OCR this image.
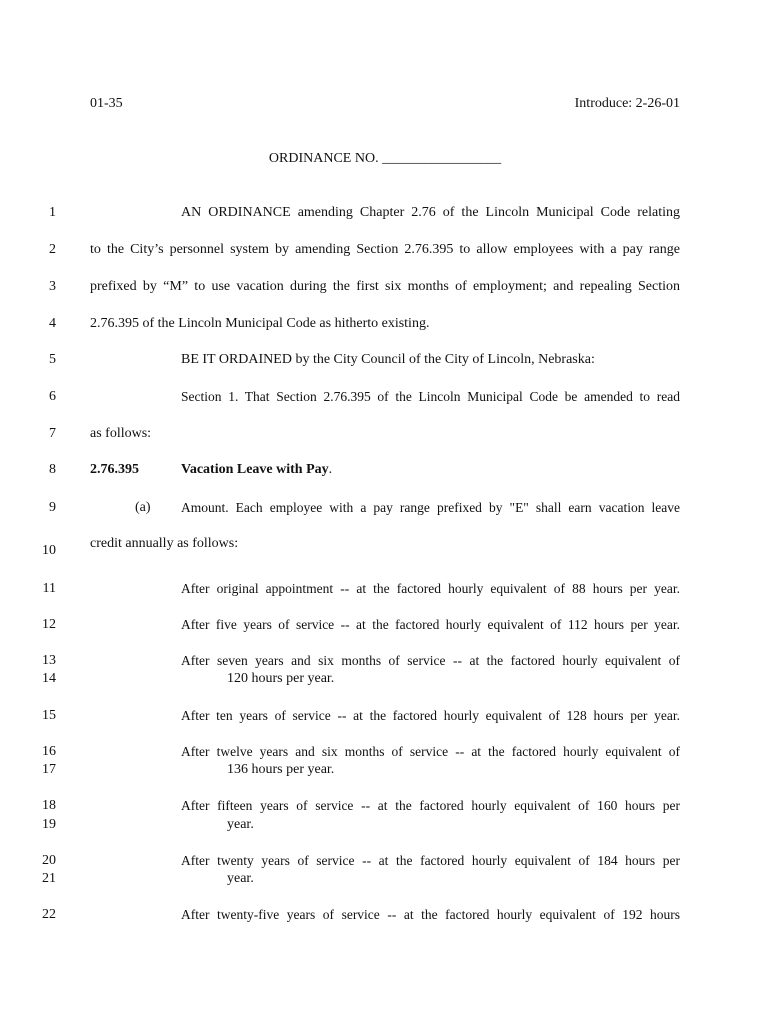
01-35	Introduce: 2-26-01
ORDINANCE NO. _________________
1	AN ORDINANCE amending Chapter 2.76 of the Lincoln Municipal Code relating
2 to the City’s personnel system by amending Section 2.76.395 to allow employees with a pay range
3 prefixed by “M” to use vacation during the first six months of employment; and repealing Section
4 2.76.395 of the Lincoln Municipal Code as hitherto existing.
5	BE IT ORDAINED by the City Council of the City of Lincoln, Nebraska:
6	Section 1. That Section 2.76.395 of the Lincoln Municipal Code be amended to read
7 as follows:
8 2.76.395	Vacation Leave with Pay.
9	(a) Amount. Each employee with a pay range prefixed by "E" shall earn vacation leave
10 credit annually as follows:
11	After original appointment -- at the factored hourly equivalent of 88 hours per year.
12	After five years of service -- at the factored hourly equivalent of 112 hours per year.
13	After seven years and six months of service -- at the factored hourly equivalent of
14	120 hours per year.
15	After ten years of service -- at the factored hourly equivalent of 128 hours per year.
16	After twelve years and six months of service -- at the factored hourly equivalent of
17	136 hours per year.
18	After fifteen years of service -- at the factored hourly equivalent of 160 hours per
19	year.
20	After twenty years of service -- at the factored hourly equivalent of 184 hours per
21	year.
22	After twenty-five years of service -- at the factored hourly equivalent of 192 hours
